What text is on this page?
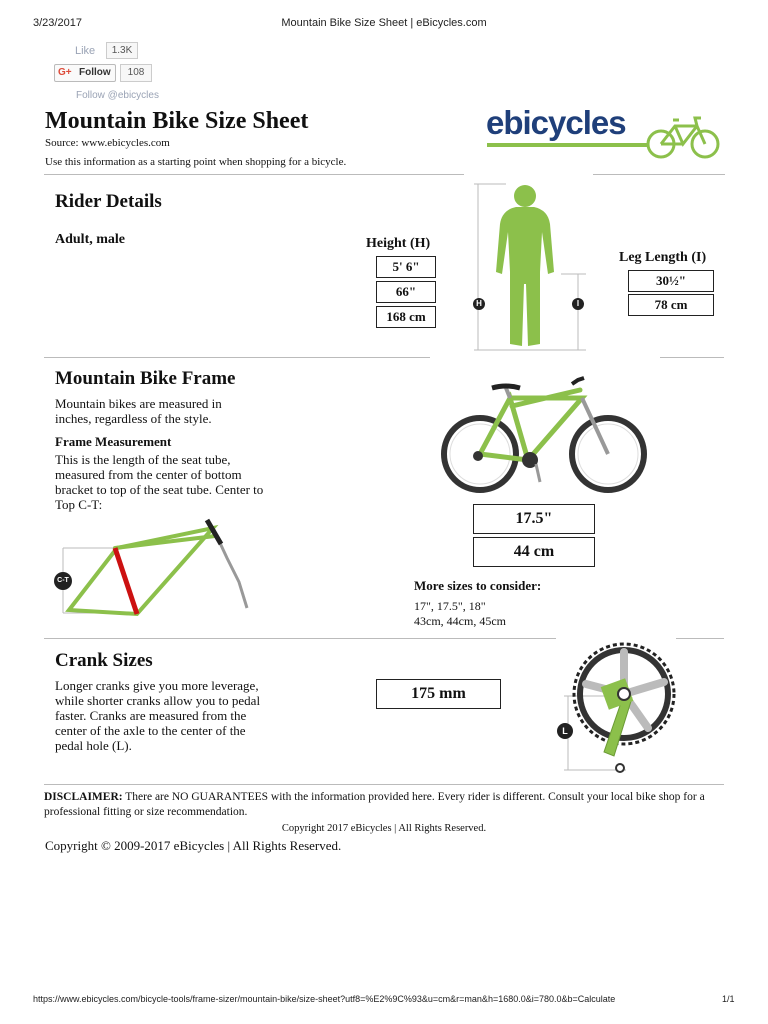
3/23/2017	Mountain Bike Size Sheet | eBicycles.com
Like	1.3K
G+ Follow	108
Follow @ebicycles
Mountain Bike Size Sheet
Source: www.ebicycles.com
Use this information as a starting point when shopping for a bicycle.
ebicycles
Rider Details
Adult, male	Height (H)
5' 6"
66"
168 cm
Leg Length (I)
30½"
78 cm
H	I
Mountain Bike Frame
Mountain bikes are measured in inches, regardless of the style.
Frame Measurement
This is the length of the seat tube, measured from the center of bottom bracket to top of the seat tube. Center to Top C-T:
C-T
17.5"
44 cm
More sizes to consider:
17", 17.5", 18"
43cm, 44cm, 45cm
Crank Sizes
Longer cranks give you more leverage, while shorter cranks allow you to pedal faster. Cranks are measured from the center of the axle to the center of the pedal hole (L).
175 mm
L
DISCLAIMER: There are NO GUARANTEES with the information provided here. Every rider is different. Consult your local bike shop for a professional fitting or size recommendation.
Copyright 2017 eBicycles | All Rights Reserved.
Copyright © 2009-2017 eBicycles | All Rights Reserved.
https://www.ebicycles.com/bicycle-tools/frame-sizer/mountain-bike/size-sheet?utf8=%E2%9C%93&u=cm&r=man&h=1680.0&i=780.0&b=Calculate	1/1
